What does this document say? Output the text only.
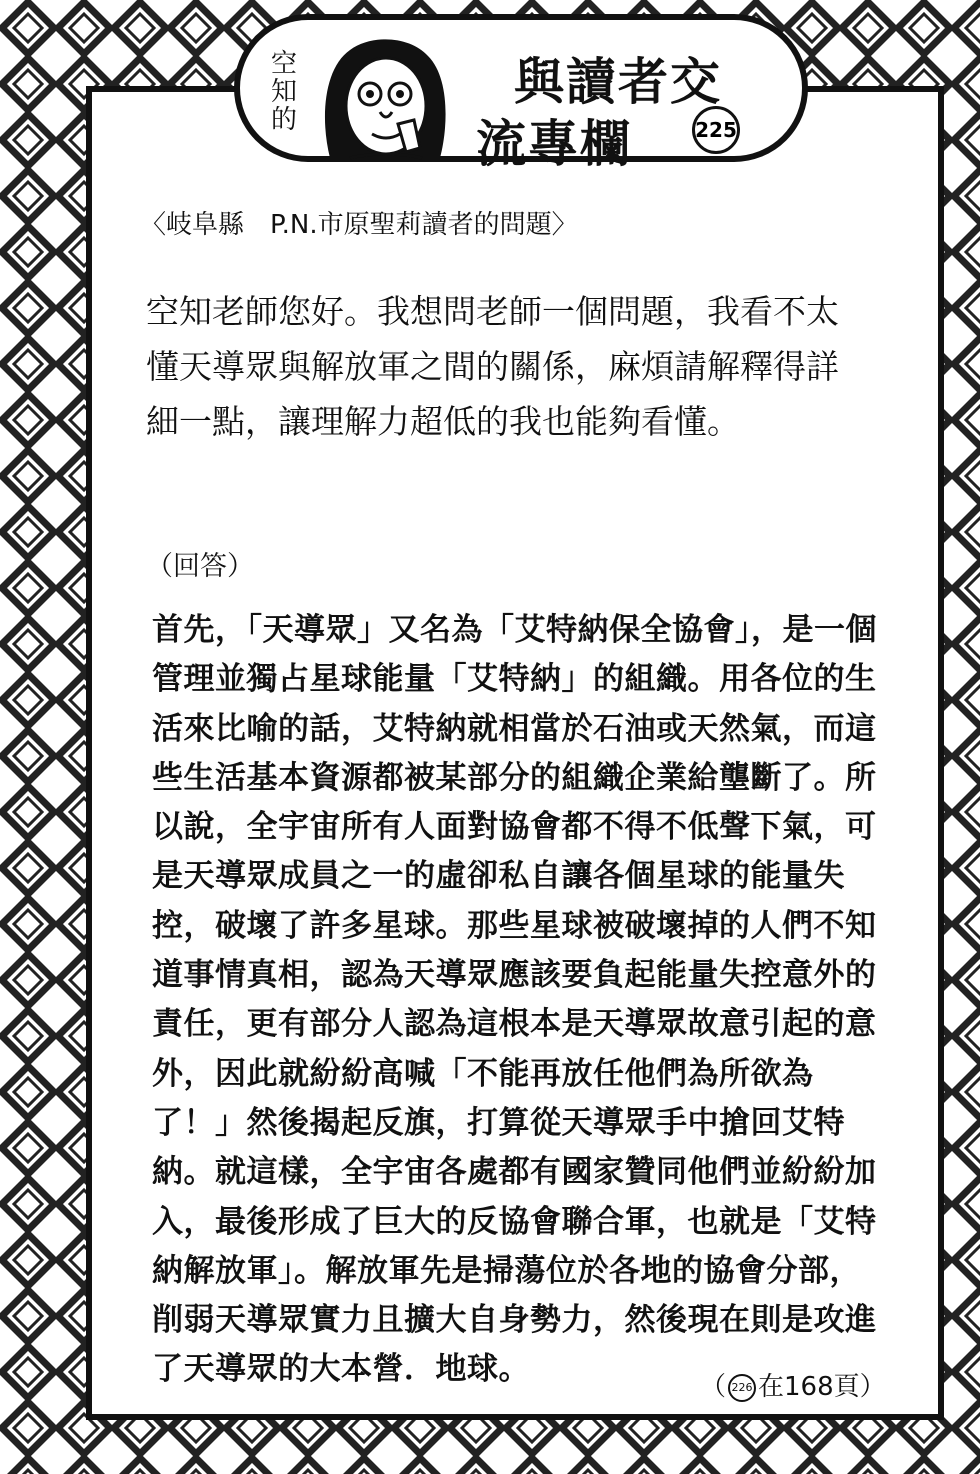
空
知
的
與讀者交
流專欄	225
〈岐阜縣　P.N.市原聖莉讀者的問題〉
空知老師您好。我想問老師一個問題，我看不太懂天導眾與解放軍之間的關係，麻煩請解釋得詳細一點，讓理解力超低的我也能夠看懂。
（回答）
首先，「天導眾」又名為「艾特納保全協會」，是一個管理並獨占星球能量「艾特納」的組織。用各位的生活來比喻的話，艾特納就相當於石油或天然氣，而這些生活基本資源都被某部分的組織企業給壟斷了。所以說，全宇宙所有人面對協會都不得不低聲下氣，可是天導眾成員之一的虛卻私自讓各個星球的能量失控，破壞了許多星球。那些星球被破壞掉的人們不知道事情真相，認為天導眾應該要負起能量失控意外的責任，更有部分人認為這根本是天導眾故意引起的意外，因此就紛紛高喊「不能再放任他們為所欲為了！」然後揭起反旗，打算從天導眾手中搶回艾特納。就這樣，全宇宙各處都有國家贊同他們並紛紛加入，最後形成了巨大的反協會聯合軍，也就是「艾特納解放軍」。解放軍先是掃蕩位於各地的協會分部，削弱天導眾實力且擴大自身勢力，然後現在則是攻進了天導眾的大本營．地球。	（ 226 在168頁）
